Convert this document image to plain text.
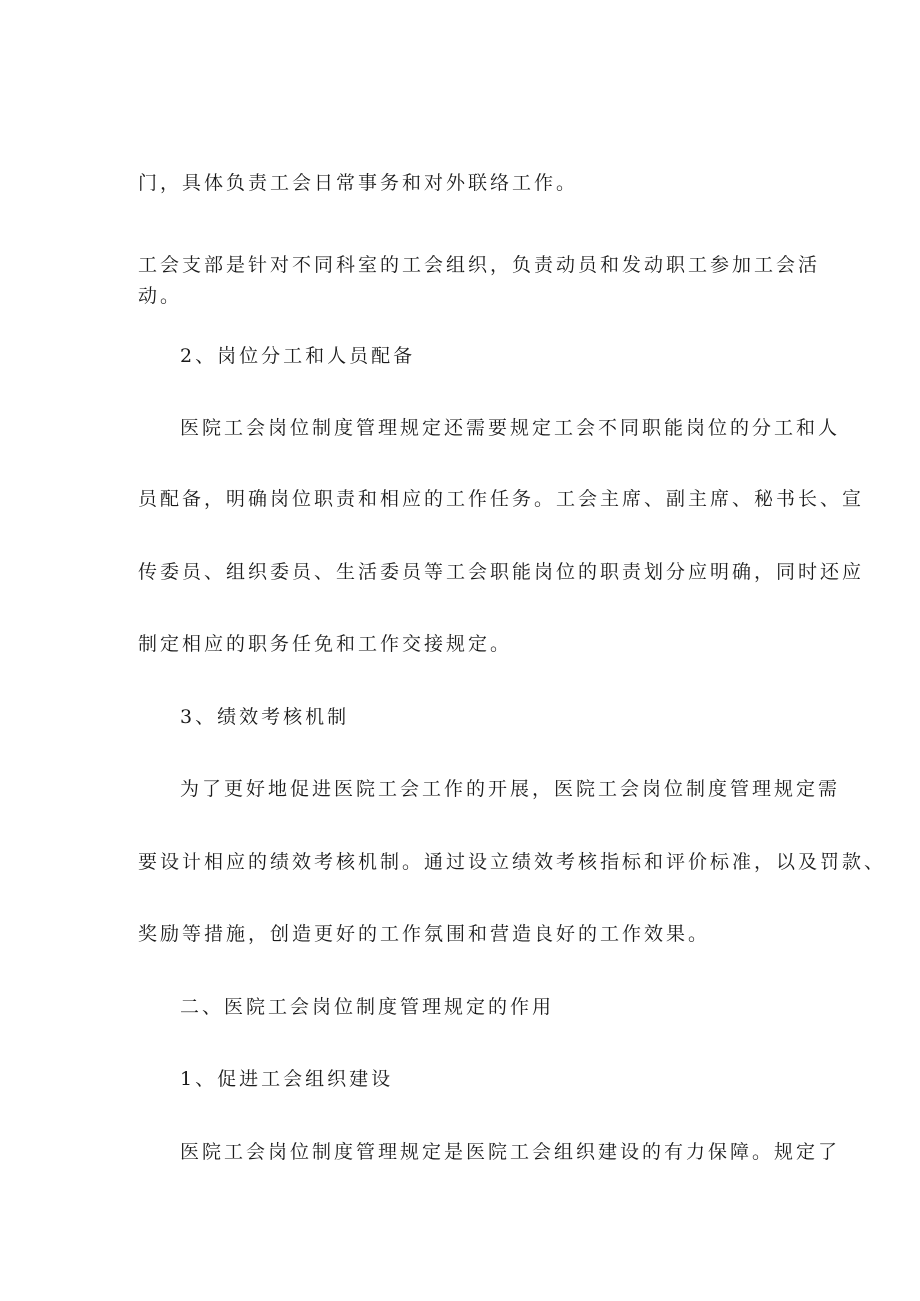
门，具体负责工会日常事务和对外联络工作。
工会支部是针对不同科室的工会组织，负责动员和发动职工参加工会活
动。
2、岗位分工和人员配备
医院工会岗位制度管理规定还需要规定工会不同职能岗位的分工和人
员配备，明确岗位职责和相应的工作任务。工会主席、副主席、秘书长、宣
传委员、组织委员、生活委员等工会职能岗位的职责划分应明确，同时还应
制定相应的职务任免和工作交接规定。
3、绩效考核机制
为了更好地促进医院工会工作的开展，医院工会岗位制度管理规定需
要设计相应的绩效考核机制。通过设立绩效考核指标和评价标准，以及罚款、
奖励等措施，创造更好的工作氛围和营造良好的工作效果。
二、医院工会岗位制度管理规定的作用
1、促进工会组织建设
医院工会岗位制度管理规定是医院工会组织建设的有力保障。规定了
